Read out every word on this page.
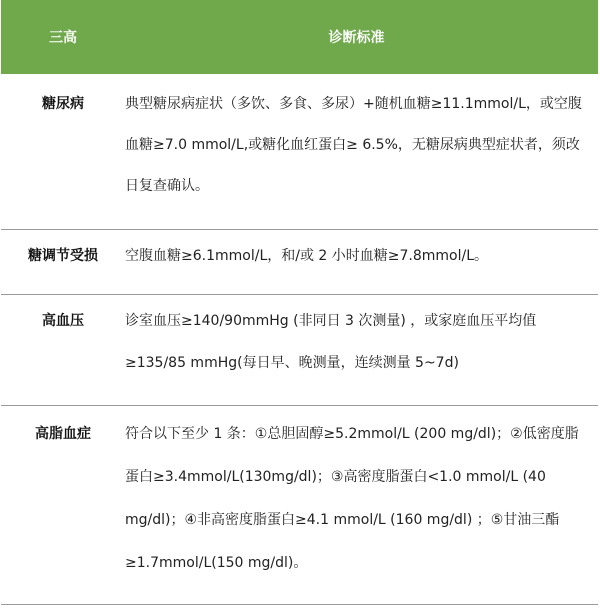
三高	诊断标准
糖尿病	典型糖尿病症状（多饮、多食、多尿）+随机血糖≥11.1mmol/L，或空腹血糖≥7.0 mmol/L,或糖化血红蛋白≥ 6.5%，无糖尿病典型症状者，须改日复查确认。
糖调节受损	空腹血糖≥6.1mmol/L，和/或 2 小时血糖≥7.8mmol/L。
高血压	诊室血压≥140/90mmHg (非同日 3 次测量) ，或家庭血压平均值≥135/85 mmHg(每日早、晚测量，连续测量 5~7d)
高脂血症	符合以下至少 1 条：①总胆固醇≥5.2mmol/L (200 mg/dl)；②低密度脂蛋白≥3.4mmol/L(130mg/dl)；③高密度脂蛋白<1.0 mmol/L (40 mg/dl)；④非高密度脂蛋白≥4.1 mmol/L (160 mg/dl) ；⑤甘油三酯≥1.7mmol/L(150 mg/dl)。
